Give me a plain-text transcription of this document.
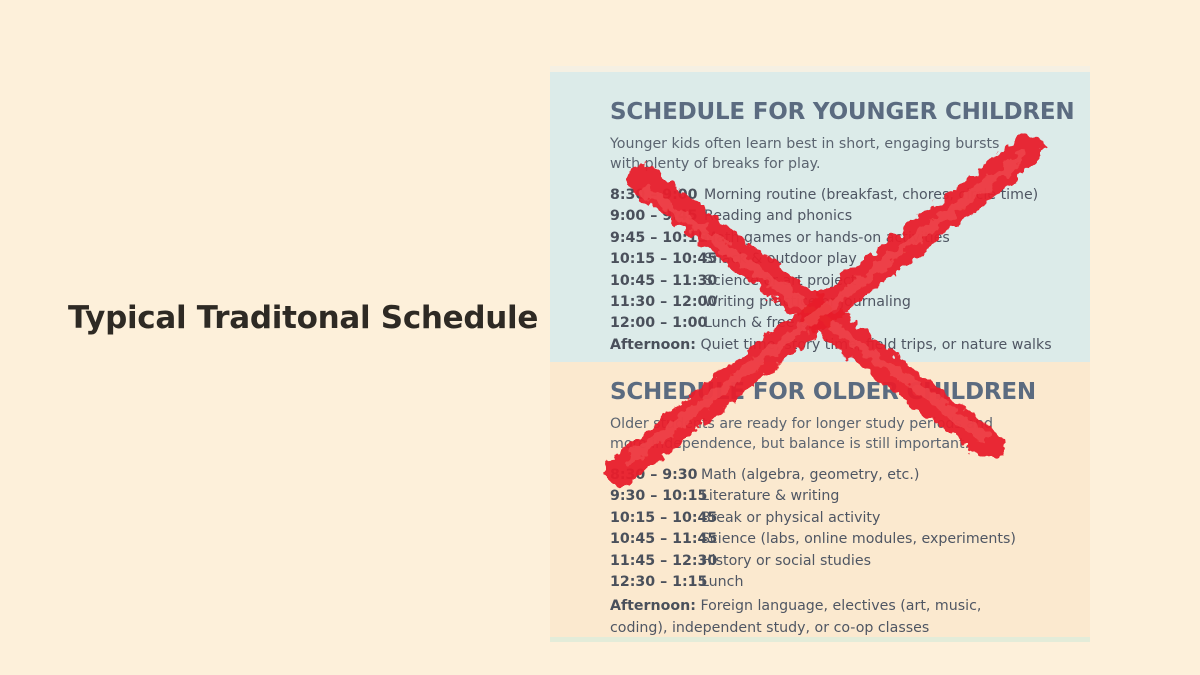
Typical Traditonal Schedule
SCHEDULE FOR YOUNGER CHILDREN
Younger kids often learn best in short, engaging bursts with plenty of breaks for play.
8:30 – 9:00 Morning routine (breakfast, chores, circle time)
9:00 – 9:45 Reading and phonics
9:45 – 10:15
Math games or hands-on activities
10:15 – 10:45
Snack & outdoor play
10:45 – 11:30
Science or art project
11:30 – 12:00
Writing practice or journaling
12:00 – 1:00
Lunch & free play
Afternoon: Quiet time, story time, field trips, or nature walks
SCHEDULE FOR OLDER CHILDREN
Older students are ready for longer study periods and more independence, but balance is still important.
8:30 – 9:30 Math (algebra, geometry, etc.)
9:30 – 10:15
Literature & writing
10:15 – 10:45
Break or physical activity
10:45 – 11:45
Science (labs, online modules, experiments)
11:45 – 12:30
History or social studies
12:30 – 1:15
Lunch
Afternoon: Foreign language, electives (art, music, coding), independent study, or co-op classes
